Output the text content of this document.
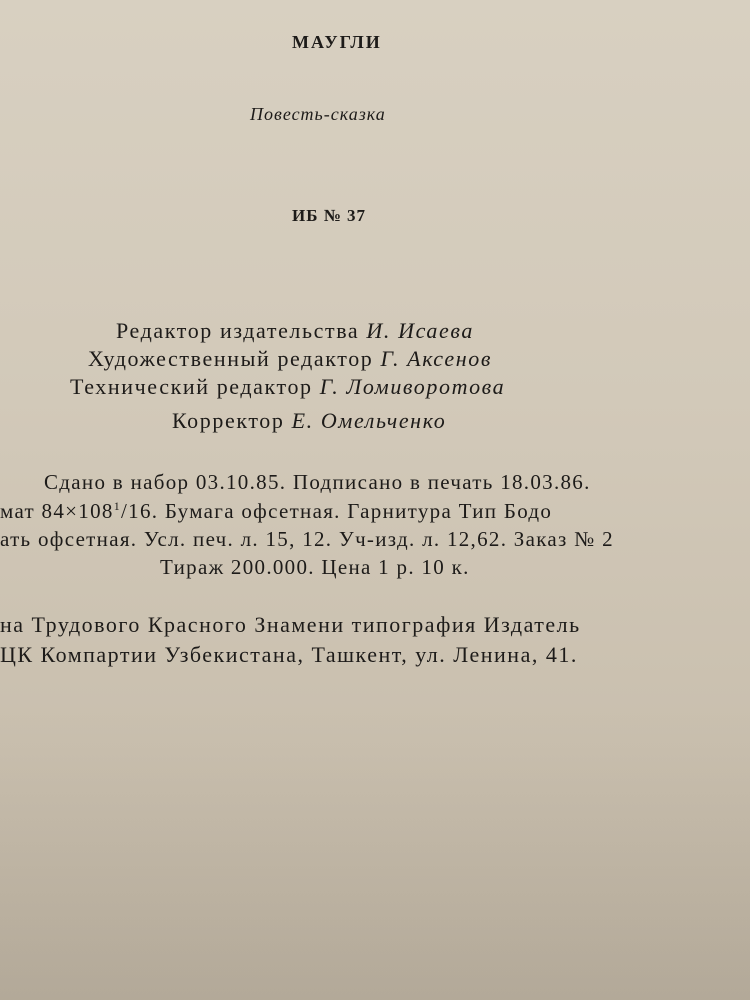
МАУГЛИ

Повесть-сказка

ИБ № 37

Редактор издательства И. Исаева

Художественный редактор Г. Аксенов

Технический редактор Г. Ломиворотова

Корректор Е. Омельченко

Сдано в набор 03.10.85. Подписано в печать 18.03.86.

мат $84\times 108^1/16$. Бумага офсетная. Гарнитура Тип Бодо

ать офсетная. Усл. печ. л. 15, 12. Уч-изд. л. 12,62. Заказ № 2

Тираж 200.000. Цена 1 р. 10 к.

на Трудового Красного Знамени типография Издатель

ЦК Компартии Узбекистана, Ташкент, ул. Ленина, 41.
